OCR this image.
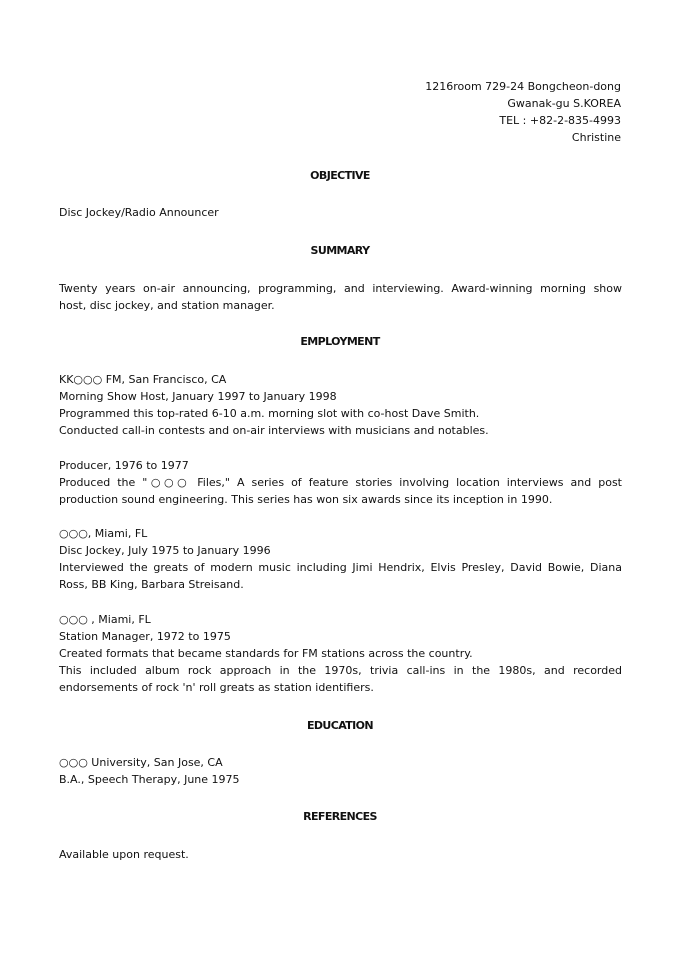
1216room 729-24 Bongcheon-dong
Gwanak-gu S.KOREA
TEL : +82-2-835-4993
Christine
OBJECTIVE
Disc Jockey/Radio Announcer
SUMMARY
Twenty years on-air announcing, programming, and interviewing. Award-winning morning show
host, disc jockey, and station manager.
EMPLOYMENT
KK○○○ FM, San Francisco, CA
Morning Show Host, January 1997 to January 1998
Programmed this top-rated 6-10 a.m. morning slot with co-host Dave Smith.
Conducted call-in contests and on-air interviews with musicians and notables.
Producer, 1976 to 1977
Produced the "○○○ Files," A series of feature stories involving location interviews and post
production sound engineering. This series has won six awards since its inception in 1990.
○○○, Miami, FL
Disc Jockey, July 1975 to January 1996
Interviewed the greats of modern music including Jimi Hendrix, Elvis Presley, David Bowie, Diana
Ross, BB King, Barbara Streisand.
○○○ , Miami, FL
Station Manager, 1972 to 1975
Created formats that became standards for FM stations across the country.
This included album rock approach in the 1970s, trivia call-ins in the 1980s, and recorded
endorsements of rock 'n' roll greats as station identifiers.
EDUCATION
○○○ University, San Jose, CA
B.A., Speech Therapy, June 1975
REFERENCES
Available upon request.
